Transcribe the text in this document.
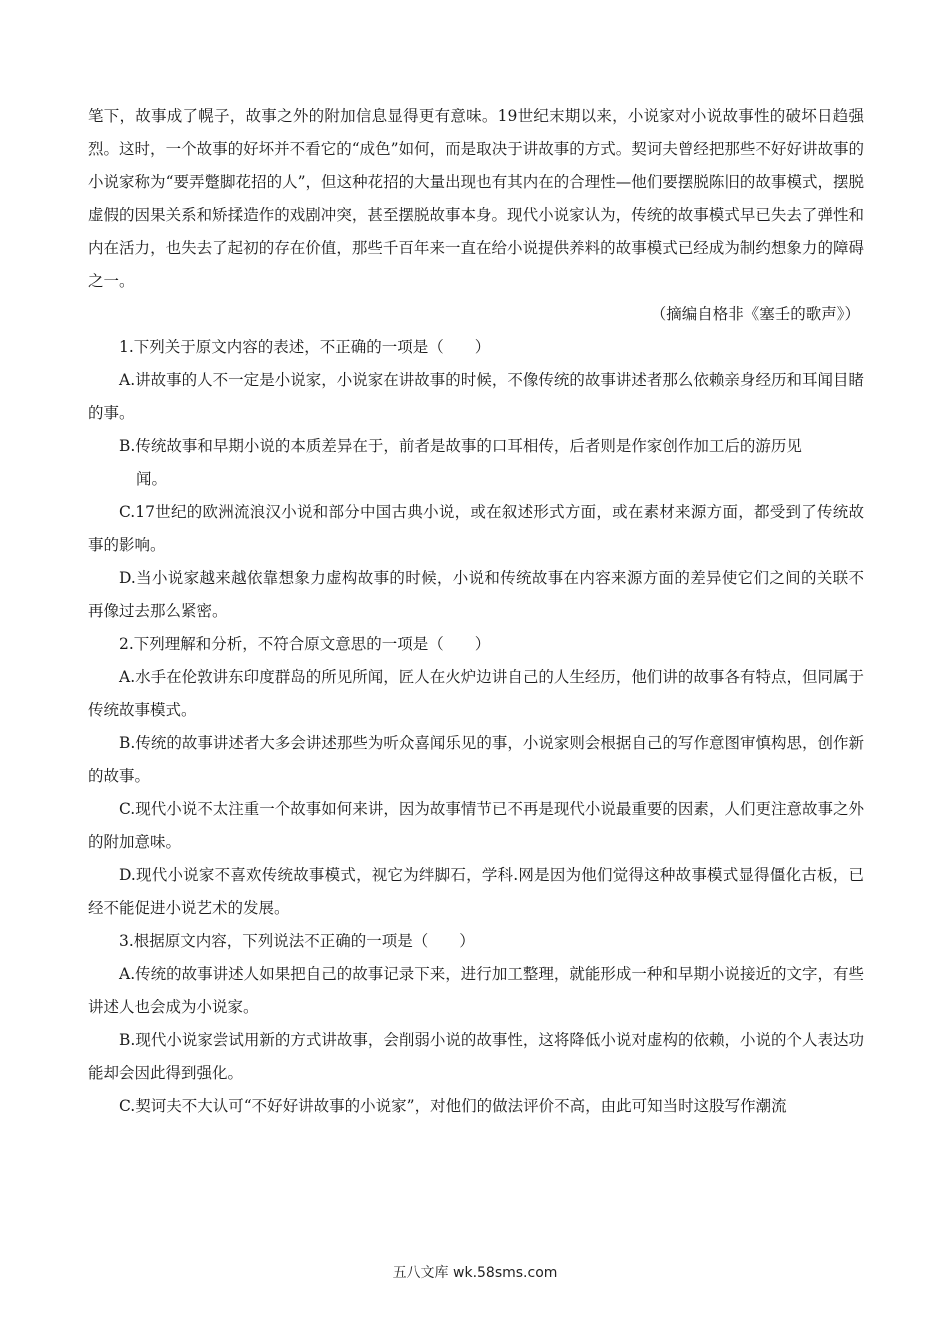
笔下，故事成了幌子，故事之外的附加信息显得更有意味。19世纪末期以来，小说家对小说故事性的破坏日趋强烈。这时，一个故事的好坏并不看它的“成色”如何，而是取决于讲故事的方式。契诃夫曾经把那些不好好讲故事的小说家称为“要弄蹩脚花招的人”，但这种花招的大量出现也有其内在的合理性—他们要摆脱陈旧的故事模式，摆脱虚假的因果关系和矫揉造作的戏剧冲突，甚至摆脱故事本身。现代小说家认为，传统的故事模式早已失去了弹性和内在活力，也失去了起初的存在价值，那些千百年来一直在给小说提供养料的故事模式已经成为制约想象力的障碍之一。

（摘编自格非《塞壬的歌声》）

1.下列关于原文内容的表述，不正确的一项是（　　）

A.讲故事的人不一定是小说家，小说家在讲故事的时候，不像传统的故事讲述者那么依赖亲身经历和耳闻目睹的事。

B.传统故事和早期小说的本质差异在于，前者是故事的口耳相传，后者则是作家创作加工后的游历见

闻。

C.17世纪的欧洲流浪汉小说和部分中国古典小说，或在叙述形式方面，或在素材来源方面，都受到了传统故事的影响。

D.当小说家越来越依靠想象力虚构故事的时候，小说和传统故事在内容来源方面的差异使它们之间的关联不再像过去那么紧密。

2.下列理解和分析，不符合原文意思的一项是（　　）

A.水手在伦敦讲东印度群岛的所见所闻，匠人在火炉边讲自己的人生经历，他们讲的故事各有特点，但同属于传统故事模式。

B.传统的故事讲述者大多会讲述那些为听众喜闻乐见的事，小说家则会根据自己的写作意图审慎构思，创作新的故事。

C.现代小说不太注重一个故事如何来讲，因为故事情节已不再是现代小说最重要的因素，人们更注意故事之外的附加意味。

D.现代小说家不喜欢传统故事模式，视它为绊脚石，学科.网是因为他们觉得这种故事模式显得僵化古板，已经不能促进小说艺术的发展。

3.根据原文内容，下列说法不正确的一项是（　　）

A.传统的故事讲述人如果把自己的故事记录下来，进行加工整理，就能形成一种和早期小说接近的文字，有些讲述人也会成为小说家。

B.现代小说家尝试用新的方式讲故事，会削弱小说的故事性，这将降低小说对虚构的依赖，小说的个人表达功能却会因此得到强化。

C.契诃夫不大认可“不好好讲故事的小说家”，对他们的做法评价不高，由此可知当时这股写作潮流

五八文库 wk.58sms.com
